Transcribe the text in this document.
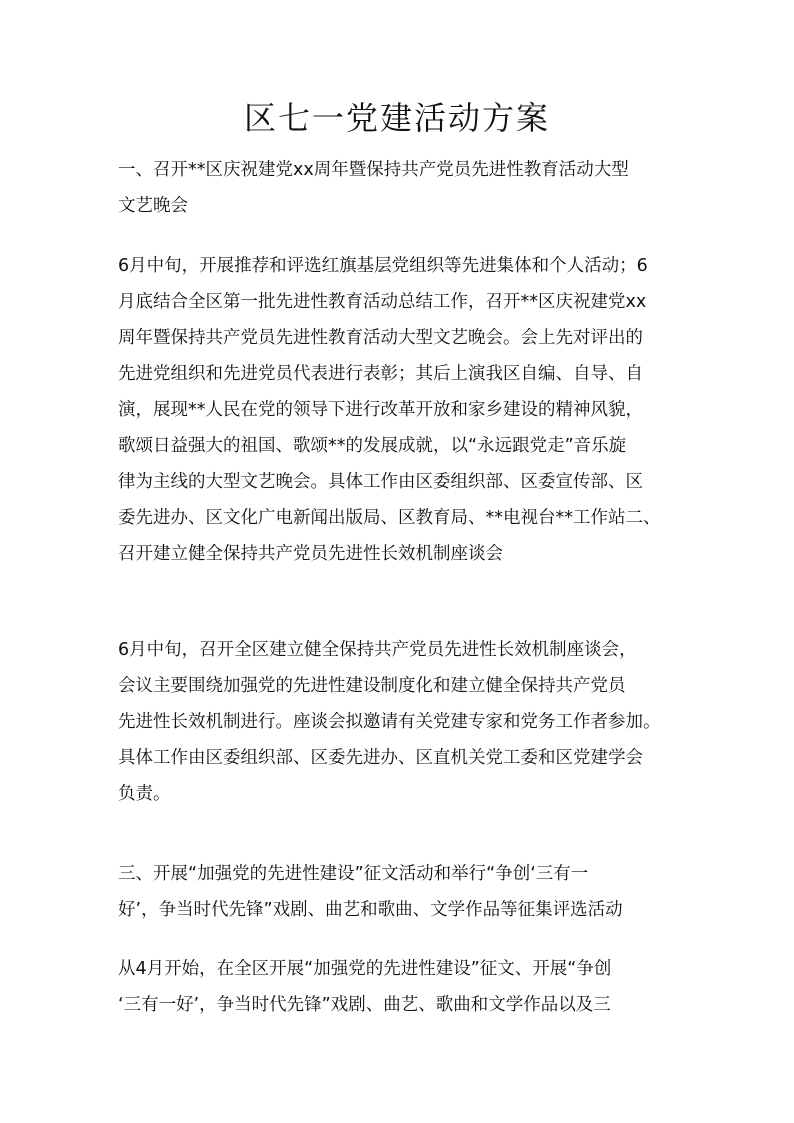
区七一党建活动方案

一、召开**区庆祝建党xx周年暨保持共产党员先进性教育活动大型
文艺晚会

6月中旬，开展推荐和评选红旗基层党组织等先进集体和个人活动；6
月底结合全区第一批先进性教育活动总结工作，召开**区庆祝建党xx
周年暨保持共产党员先进性教育活动大型文艺晚会。会上先对评出的
先进党组织和先进党员代表进行表彰；其后上演我区自编、自导、自
演，展现**人民在党的领导下进行改革开放和家乡建设的精神风貌，
歌颂日益强大的祖国、歌颂**的发展成就，以“永远跟党走”音乐旋
律为主线的大型文艺晚会。具体工作由区委组织部、区委宣传部、区
委先进办、区文化广电新闻出版局、区教育局、**电视台**工作站二、
召开建立健全保持共产党员先进性长效机制座谈会

6月中旬，召开全区建立健全保持共产党员先进性长效机制座谈会，
会议主要围绕加强党的先进性建设制度化和建立健全保持共产党员
先进性长效机制进行。座谈会拟邀请有关党建专家和党务工作者参加。
具体工作由区委组织部、区委先进办、区直机关党工委和区党建学会
负责。

三、开展“加强党的先进性建设”征文活动和举行“争创‘三有一
好’，争当时代先锋”戏剧、曲艺和歌曲、文学作品等征集评选活动

从4月开始，在全区开展“加强党的先进性建设”征文、开展“争创
‘三有一好’，争当时代先锋”戏剧、曲艺、歌曲和文学作品以及三
